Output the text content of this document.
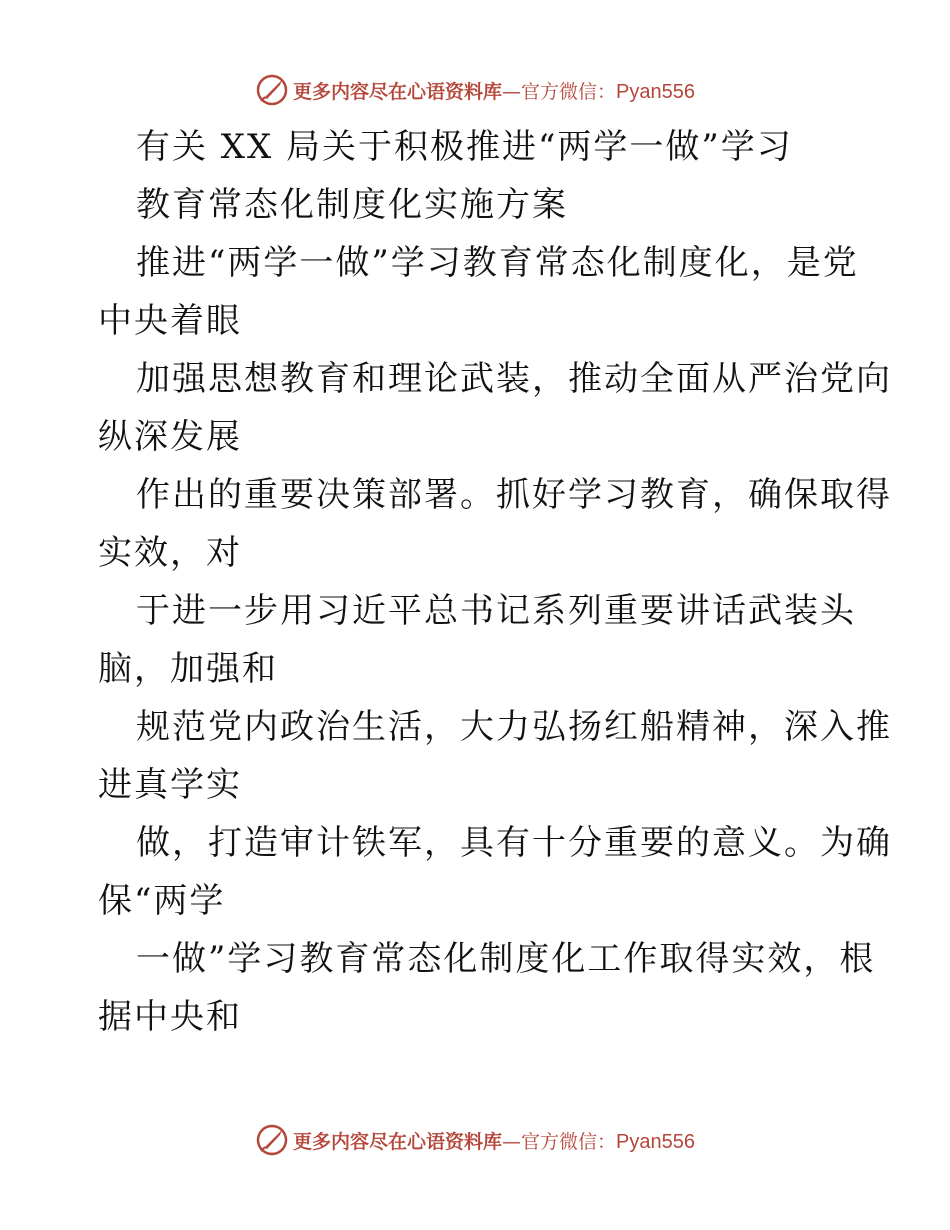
更多内容尽在心语资料库—官方微信：Pyan556
有关 XX 局关于积极推进“两学一做”学习
教育常态化制度化实施方案
推进“两学一做”学习教育常态化制度化，是党
中央着眼
加强思想教育和理论武装，推动全面从严治党向
纵深发展
作出的重要决策部署。抓好学习教育，确保取得
实效，对
于进一步用习近平总书记系列重要讲话武装头
脑，加强和
规范党内政治生活，大力弘扬红船精神，深入推
进真学实
做，打造审计铁军，具有十分重要的意义。为确
保“两学
一做”学习教育常态化制度化工作取得实效，根
据中央和
更多内容尽在心语资料库—官方微信：Pyan556
